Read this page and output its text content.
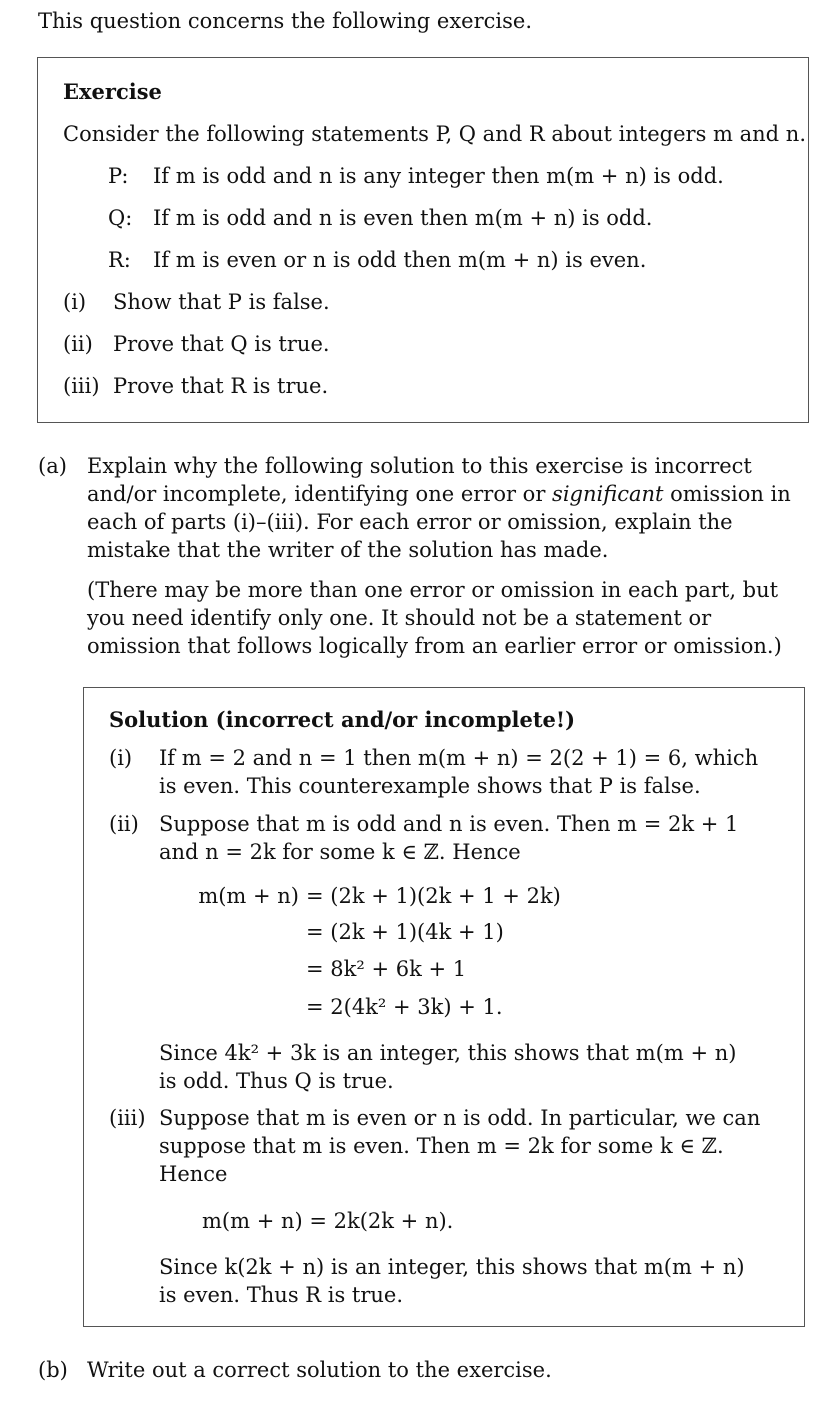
This question concerns the following exercise.
Exercise
Consider the following statements P, Q and R about integers m and n.
P: If m is odd and n is any integer then m(m + n) is odd.
Q: If m is odd and n is even then m(m + n) is odd.
R: If m is even or n is odd then m(m + n) is even.
(i) Show that P is false.
(ii) Prove that Q is true.
(iii) Prove that R is true.
(a) Explain why the following solution to this exercise is incorrect and/or incomplete, identifying one error or significant omission in each of parts (i)–(iii). For each error or omission, explain the mistake that the writer of the solution has made.
(There may be more than one error or omission in each part, but you need identify only one. It should not be a statement or omission that follows logically from an earlier error or omission.)
Solution (incorrect and/or incomplete!)
(i) If m = 2 and n = 1 then m(m + n) = 2(2 + 1) = 6, which is even. This counterexample shows that P is false.
(ii) Suppose that m is odd and n is even. Then m = 2k + 1 and n = 2k for some k ∈ ℤ. Hence
m(m + n) = (2k + 1)(2k + 1 + 2k)
= (2k + 1)(4k + 1)
= 8k² + 6k + 1
= 2(4k² + 3k) + 1.
Since 4k² + 3k is an integer, this shows that m(m + n) is odd. Thus Q is true.
(iii) Suppose that m is even or n is odd. In particular, we can suppose that m is even. Then m = 2k for some k ∈ ℤ. Hence
m(m + n) = 2k(2k + n).
Since k(2k + n) is an integer, this shows that m(m + n) is even. Thus R is true.
(b) Write out a correct solution to the exercise.
